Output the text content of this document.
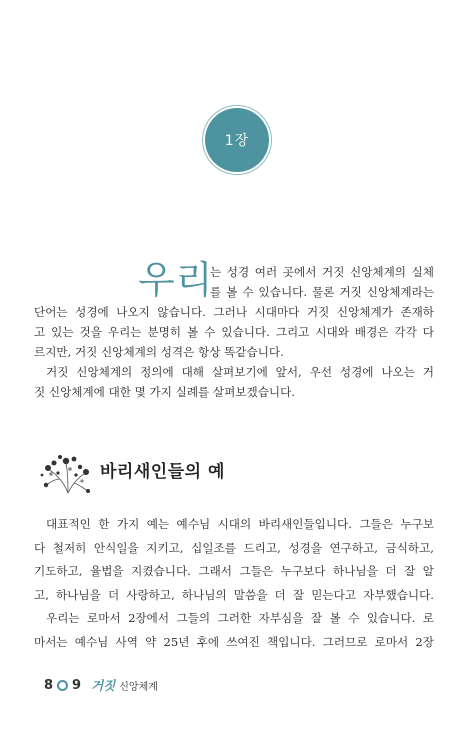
1장
우리
는 성경 여러 곳에서 거짓 신앙체계의 실체
를 볼 수 있습니다. 물론 거짓 신앙체계라는
단어는 성경에 나오지 않습니다. 그러나 시대마다 거짓 신앙체계가 존재하
고 있는 것을 우리는 분명히 볼 수 있습니다. 그리고 시대와 배경은 각각 다
르지만, 거짓 신앙체계의 성격은 항상 똑같습니다.
거짓 신앙체계의 정의에 대해 살펴보기에 앞서, 우선 성경에 나오는 거
짓 신앙체계에 대한 몇 가지 실례를 살펴보겠습니다.
바리새인들의 예
대표적인 한 가지 예는 예수님 시대의 바리새인들입니다. 그들은 누구보
다 철저히 안식일을 지키고, 십일조를 드리고, 성경을 연구하고, 금식하고,
기도하고, 율법을 지켰습니다. 그래서 그들은 누구보다 하나님을 더 잘 알
고, 하나님을 더 사랑하고, 하나님의 말씀을 더 잘 믿는다고 자부했습니다.
우리는 로마서 2장에서 그들의 그러한 자부심을 잘 볼 수 있습니다. 로
마서는 예수님 사역 약 25년 후에 쓰여진 책입니다. 그러므로 로마서 2장
8 9 거짓 신앙체계
